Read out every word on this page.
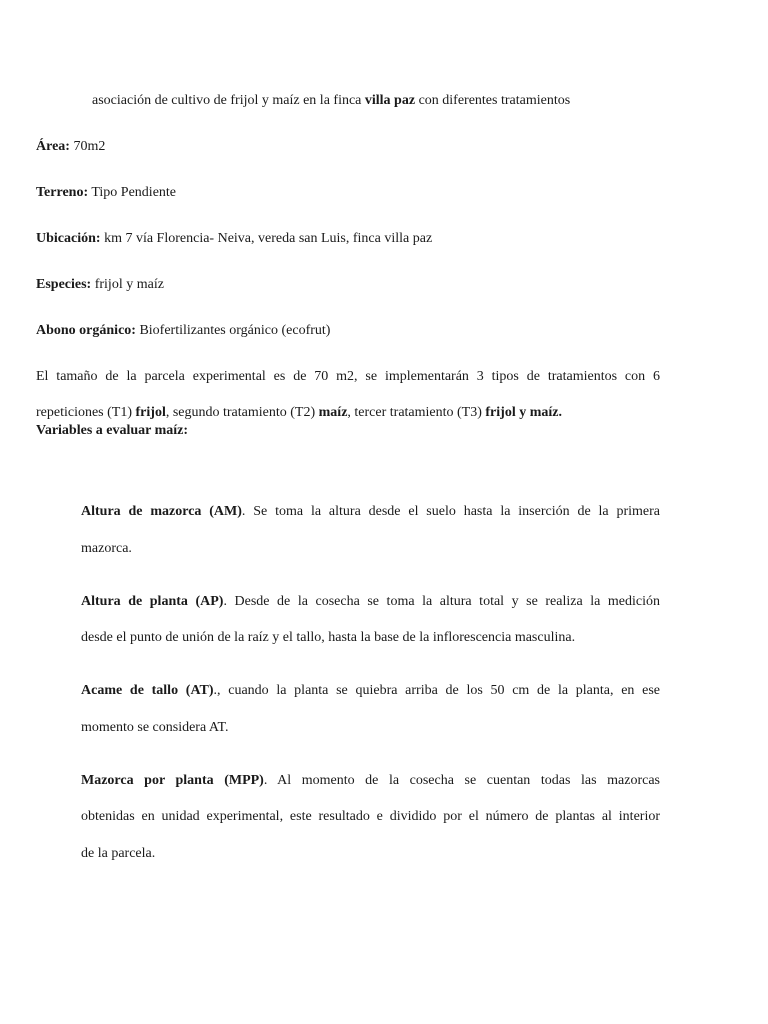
asociación de cultivo de frijol y maíz en la finca villa paz con diferentes tratamientos
Área: 70m2
Terreno: Tipo Pendiente
Ubicación: km 7 vía Florencia- Neiva, vereda san Luis, finca villa paz
Especies: frijol y maíz
Abono orgánico: Biofertilizantes orgánico (ecofrut)
El tamaño de la parcela experimental es de 70 m2, se implementarán 3 tipos de tratamientos con 6
repeticiones (T1) frijol, segundo tratamiento (T2) maíz, tercer tratamiento (T3) frijol y maíz.
Variables a evaluar maíz:
Altura de mazorca (AM). Se toma la altura desde el suelo hasta la inserción de la primera
mazorca.
Altura de planta (AP). Desde de la cosecha se toma la altura total y se realiza la medición
desde el punto de unión de la raíz y el tallo, hasta la base de la inflorescencia masculina.
Acame de tallo (AT)., cuando la planta se quiebra arriba de los 50 cm de la planta, en ese
momento se considera AT.
Mazorca por planta (MPP). Al momento de la cosecha se cuentan todas las mazorcas
obtenidas en unidad experimental, este resultado e dividido por el número de plantas al interior
de la parcela.
